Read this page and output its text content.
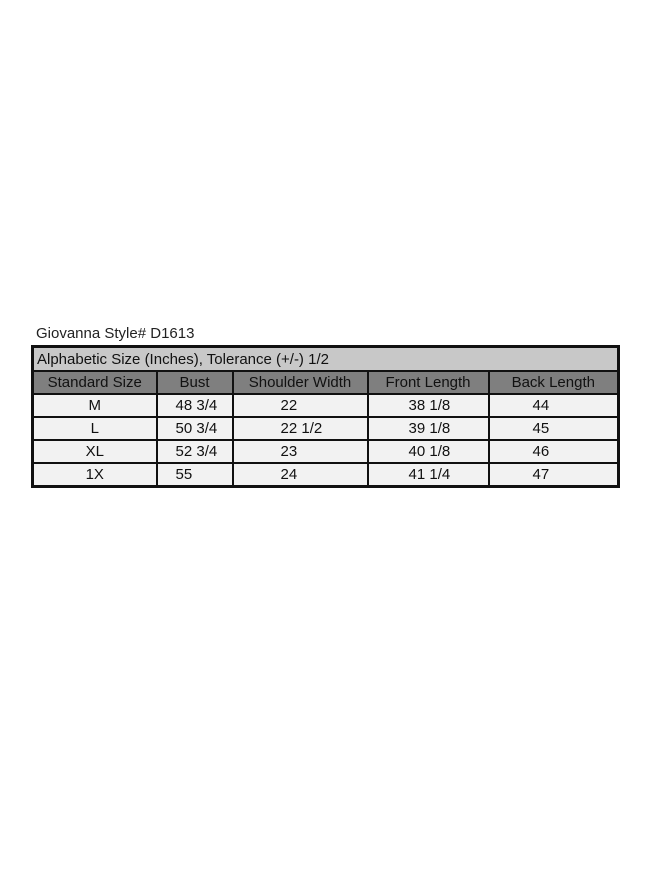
Giovanna Style# D1613
Alphabetic Size (Inches), Tolerance (+/-) 1/2				
Standard Size	Bust	Shoulder Width	Front Length	Back Length
M	48 3/4	22	38 1/8	44
L	50 3/4	22 1/2	39 1/8	45
XL	52 3/4	23	40 1/8	46
1X	55	24	41 1/4	47
